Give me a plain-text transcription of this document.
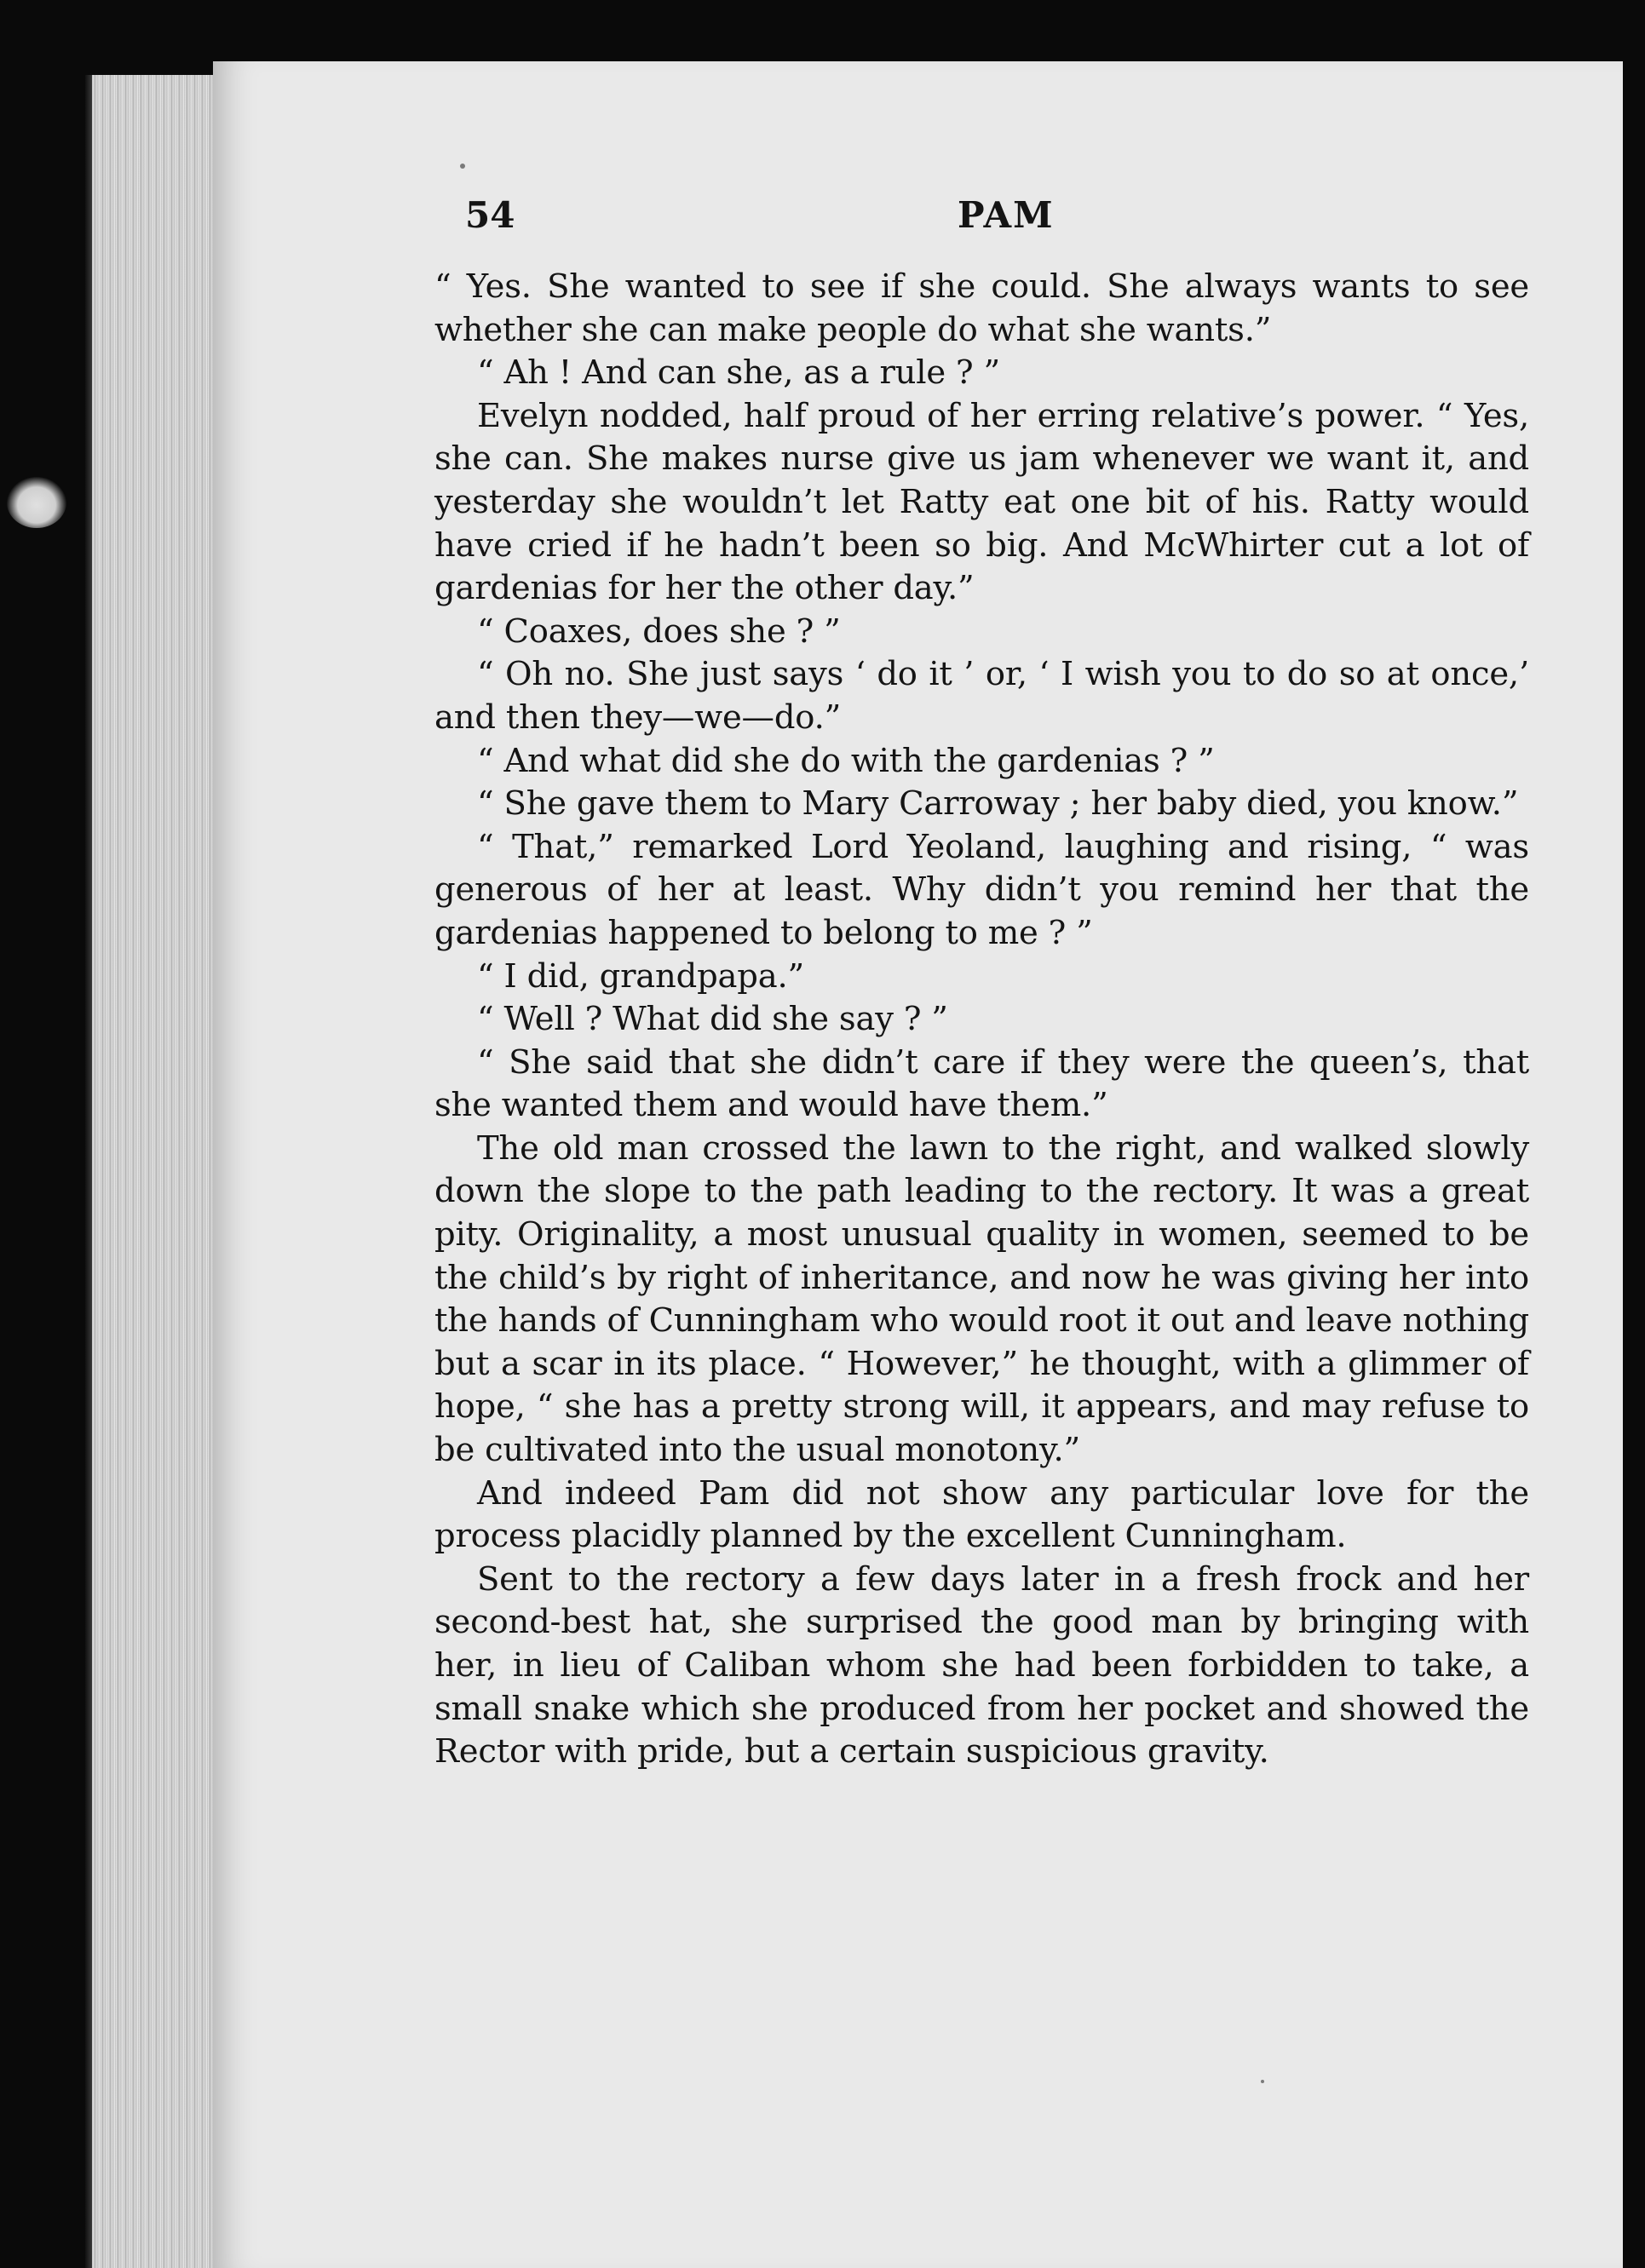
54	PAM

“ Yes. She wanted to see if she could. She always wants to see whether she can make people do what she wants.”

“ Ah ! And can she, as a rule ? ”

Evelyn nodded, half proud of her erring relative’s power. “ Yes, she can. She makes nurse give us jam whenever we want it, and yesterday she wouldn’t let Ratty eat one bit of his. Ratty would have cried if he hadn’t been so big. And McWhirter cut a lot of gardenias for her the other day.”

“ Coaxes, does she ? ”

“ Oh no. She just says ‘ do it ’ or, ‘ I wish you to do so at once,’ and then they—we—do.”

“ And what did she do with the gardenias ? ”

“ She gave them to Mary Carroway ; her baby died, you know.”

“ That,” remarked Lord Yeoland, laughing and rising, “ was generous of her at least. Why didn’t you remind her that the gardenias happened to belong to me ? ”

“ I did, grandpapa.”

“ Well ? What did she say ? ”

“ She said that she didn’t care if they were the queen’s, that she wanted them and would have them.”

The old man crossed the lawn to the right, and walked slowly down the slope to the path leading to the rectory. It was a great pity. Originality, a most unusual quality in women, seemed to be the child’s by right of inheritance, and now he was giving her into the hands of Cunningham who would root it out and leave nothing but a scar in its place. “ However,” he thought, with a glimmer of hope, “ she has a pretty strong will, it appears, and may refuse to be cultivated into the usual monotony.”

And indeed Pam did not show any particular love for the process placidly planned by the excellent Cunningham.

Sent to the rectory a few days later in a fresh frock and her second-best hat, she surprised the good man by bringing with her, in lieu of Caliban whom she had been forbidden to take, a small snake which she produced from her pocket and showed the Rector with pride, but a certain suspicious gravity.
